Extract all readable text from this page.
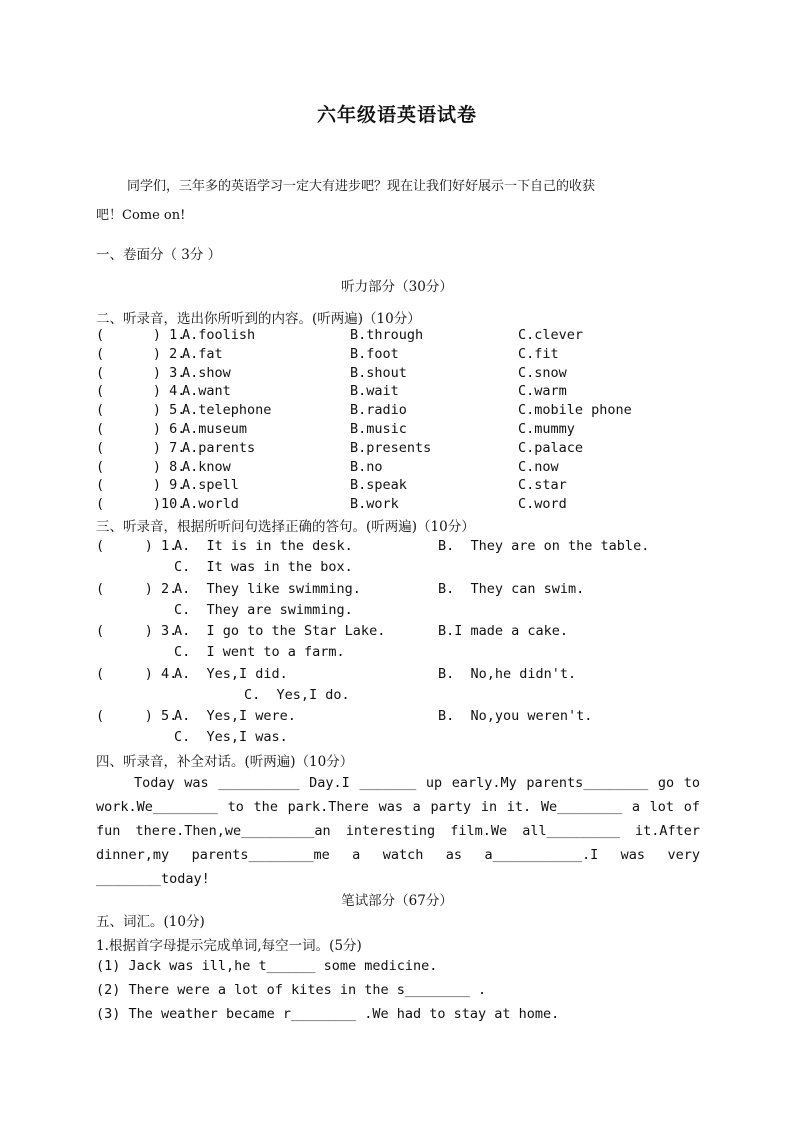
六年级语英语试卷
同学们，三年多的英语学习一定大有进步吧？现在让我们好好展示一下自己的收获
吧！Come on!
一、卷面分（ 3分 ）
听力部分（30分）
二、听录音，选出你所听到的内容。(听两遍)（10分）
(      ) 1.
A.foolish	B.through	C.clever
(      ) 2.
A.fat	B.foot	C.fit
(      ) 3.
A.show	B.shout	C.snow
(      ) 4.
A.want	B.wait	C.warm
(      ) 5.
A.telephone	B.radio	C.mobile phone
(      ) 6.
A.museum	B.music	C.mummy
(      ) 7.
A.parents	B.presents	C.palace
(      ) 8.
A.know	B.no	C.now
(      ) 9.
A.spell	B.speak	C.star
(      )10.
A.world	B.work	C.word
三、听录音，根据所听问句选择正确的答句。(听两遍)（10分）
(     ) 1.
A.  It is in the desk.	B.  They are on the table.
C.  It was in the box.
(     ) 2.
A.  They like swimming.	B.  They can swim.
C.  They are swimming.
(     ) 3.
A.  I go to the Star Lake.	B.I made a cake.
C.  I went to a farm.
(     ) 4.
A.  Yes,I did.	B.  No,he didn't.
C.  Yes,I do.
(     ) 5.
A.  Yes,I were.	B.  No,you weren't.
C.  Yes,I was.
四、听录音，补全对话。(听两遍)（10分）
Today was __________ Day.I _______ up early.My parents________ go to work.We________ to the park.There was a party in it. We________ a lot of fun there.Then,we_________an interesting film.We all_________ it.After dinner,my parents________me a watch as a___________.I was very ________today!
笔试部分（67分）
五、词汇。(10分)
1.根据首字母提示完成单词,每空一词。(5分)
(1) Jack was ill,he t______ some medicine.
(2) There were a lot of kites in the s________ .
(3) The weather became r________ .We had to stay at home.
